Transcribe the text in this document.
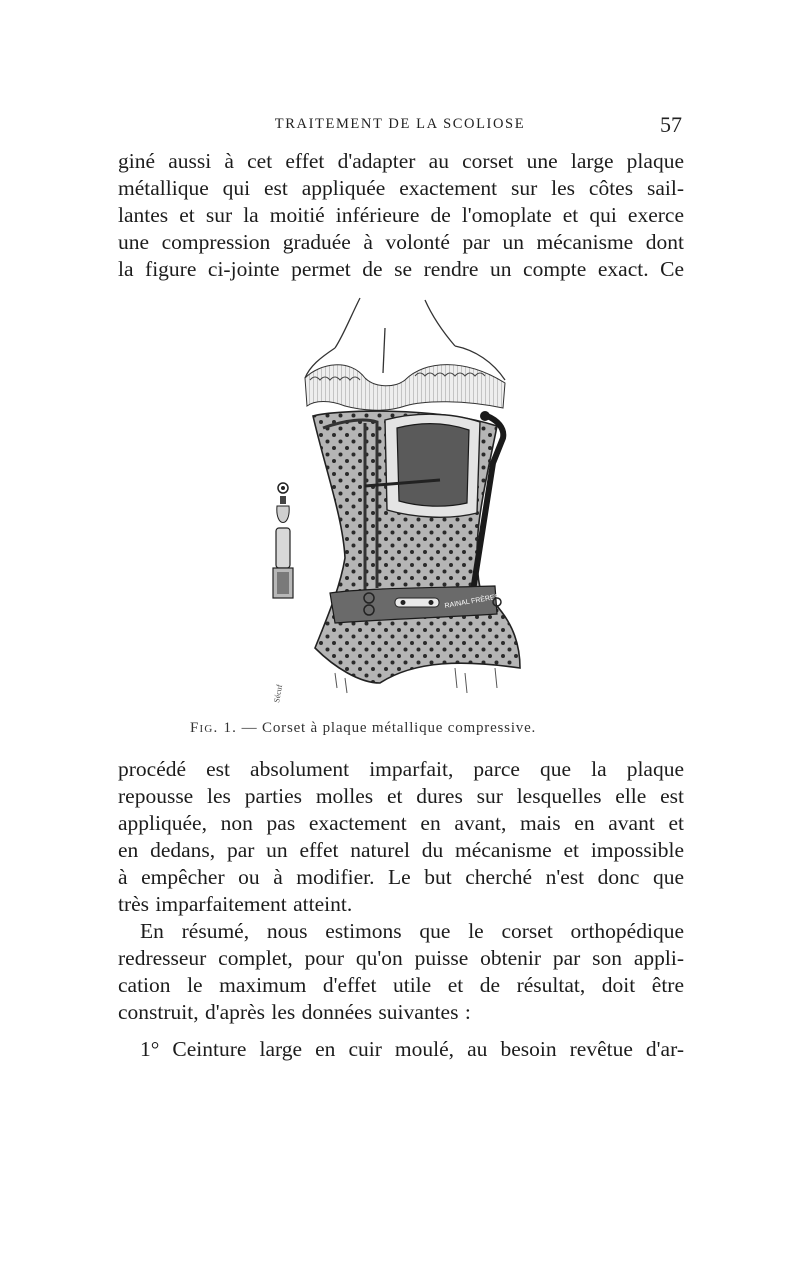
TRAITEMENT DE LA SCOLIOSE	57
giné aussi à cet effet d'adapter au corset une large plaque
métallique qui est appliquée exactement sur les côtes sail-
lantes et sur la moitié inférieure de l'omoplate et qui exerce
une compression graduée à volonté par un mécanisme dont
la figure ci-jointe permet de se rendre un compte exact. Ce
RAINAL FRÈRES
Sécuf
Fig. 1. — Corset à plaque métallique compressive.
procédé est absolument imparfait, parce que la plaque
repousse les parties molles et dures sur lesquelles elle est
appliquée, non pas exactement en avant, mais en avant et
en dedans, par un effet naturel du mécanisme et impossible
à empêcher ou à modifier. Le but cherché n'est donc que
très imparfaitement atteint.
En résumé, nous estimons que le corset orthopédique
redresseur complet, pour qu'on puisse obtenir par son appli-
cation le maximum d'effet utile et de résultat, doit être
construit, d'après les données suivantes :
1° Ceinture large en cuir moulé, au besoin revêtue d'ar-
